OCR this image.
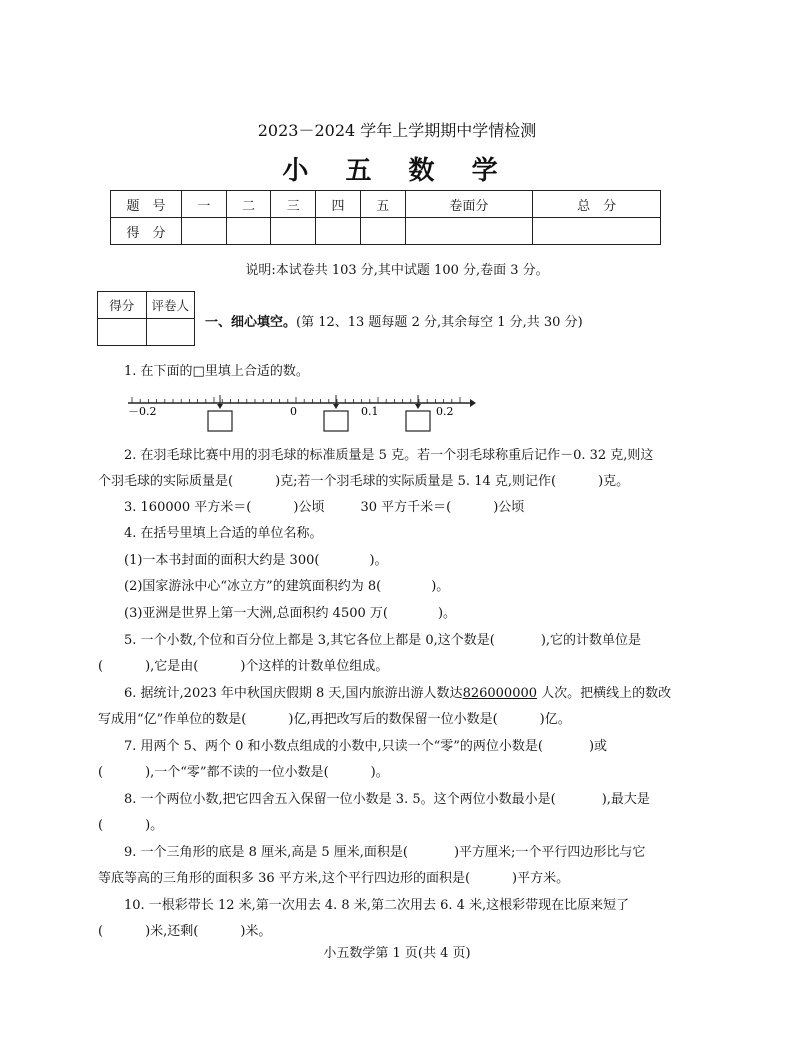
2023－2024 学年上学期期中学情检测
小 五 数 学
题　号	一	二	三	四	五	卷面分	总　分
得　分							
说明:本试卷共 103 分,其中试题 100 分,卷面 3 分。
得分	评卷人

一、细心填空。(第 12、13 题每题 2 分,其余每空 1 分,共 30 分)
1. 在下面的□里填上合适的数。
－0.2	0	0.1	0.2
2. 在羽毛球比赛中用的羽毛球的标准质量是 5 克。若一个羽毛球称重后记作－0. 32 克,则这
个羽毛球的实际质量是(	)克;若一个羽毛球的实际质量是 5. 14 克,则记作(	)克。
3. 160000 平方米＝(	)公顷	30 平方千米＝(	)公顷
4. 在括号里填上合适的单位名称。
(1)一本书封面的面积大约是 300(	)。
(2)国家游泳中心“冰立方”的建筑面积约为 8(	)。
(3)亚洲是世界上第一大洲,总面积约 4500 万(	)。
5. 一个小数,个位和百分位上都是 3,其它各位上都是 0,这个数是(	),它的计数单位是
(	),它是由(	)个这样的计数单位组成。
6. 据统计,2023 年中秋国庆假期 8 天,国内旅游出游人数达826000000 人次。把横线上的数改
写成用“亿”作单位的数是(	)亿,再把改写后的数保留一位小数是(	)亿。
7. 用两个 5、两个 0 和小数点组成的小数中,只读一个“零”的两位小数是(	)或
(	),一个“零”都不读的一位小数是(	)。
8. 一个两位小数,把它四舍五入保留一位小数是 3. 5。这个两位小数最小是(	),最大是
(	)。
9. 一个三角形的底是 8 厘米,高是 5 厘米,面积是(	)平方厘米;一个平行四边形比与它
等底等高的三角形的面积多 36 平方米,这个平行四边形的面积是(	)平方米。
10. 一根彩带长 12 米,第一次用去 4. 8 米,第二次用去 6. 4 米,这根彩带现在比原来短了
(	)米,还剩(	)米。
小五数学第 1 页(共 4 页)
